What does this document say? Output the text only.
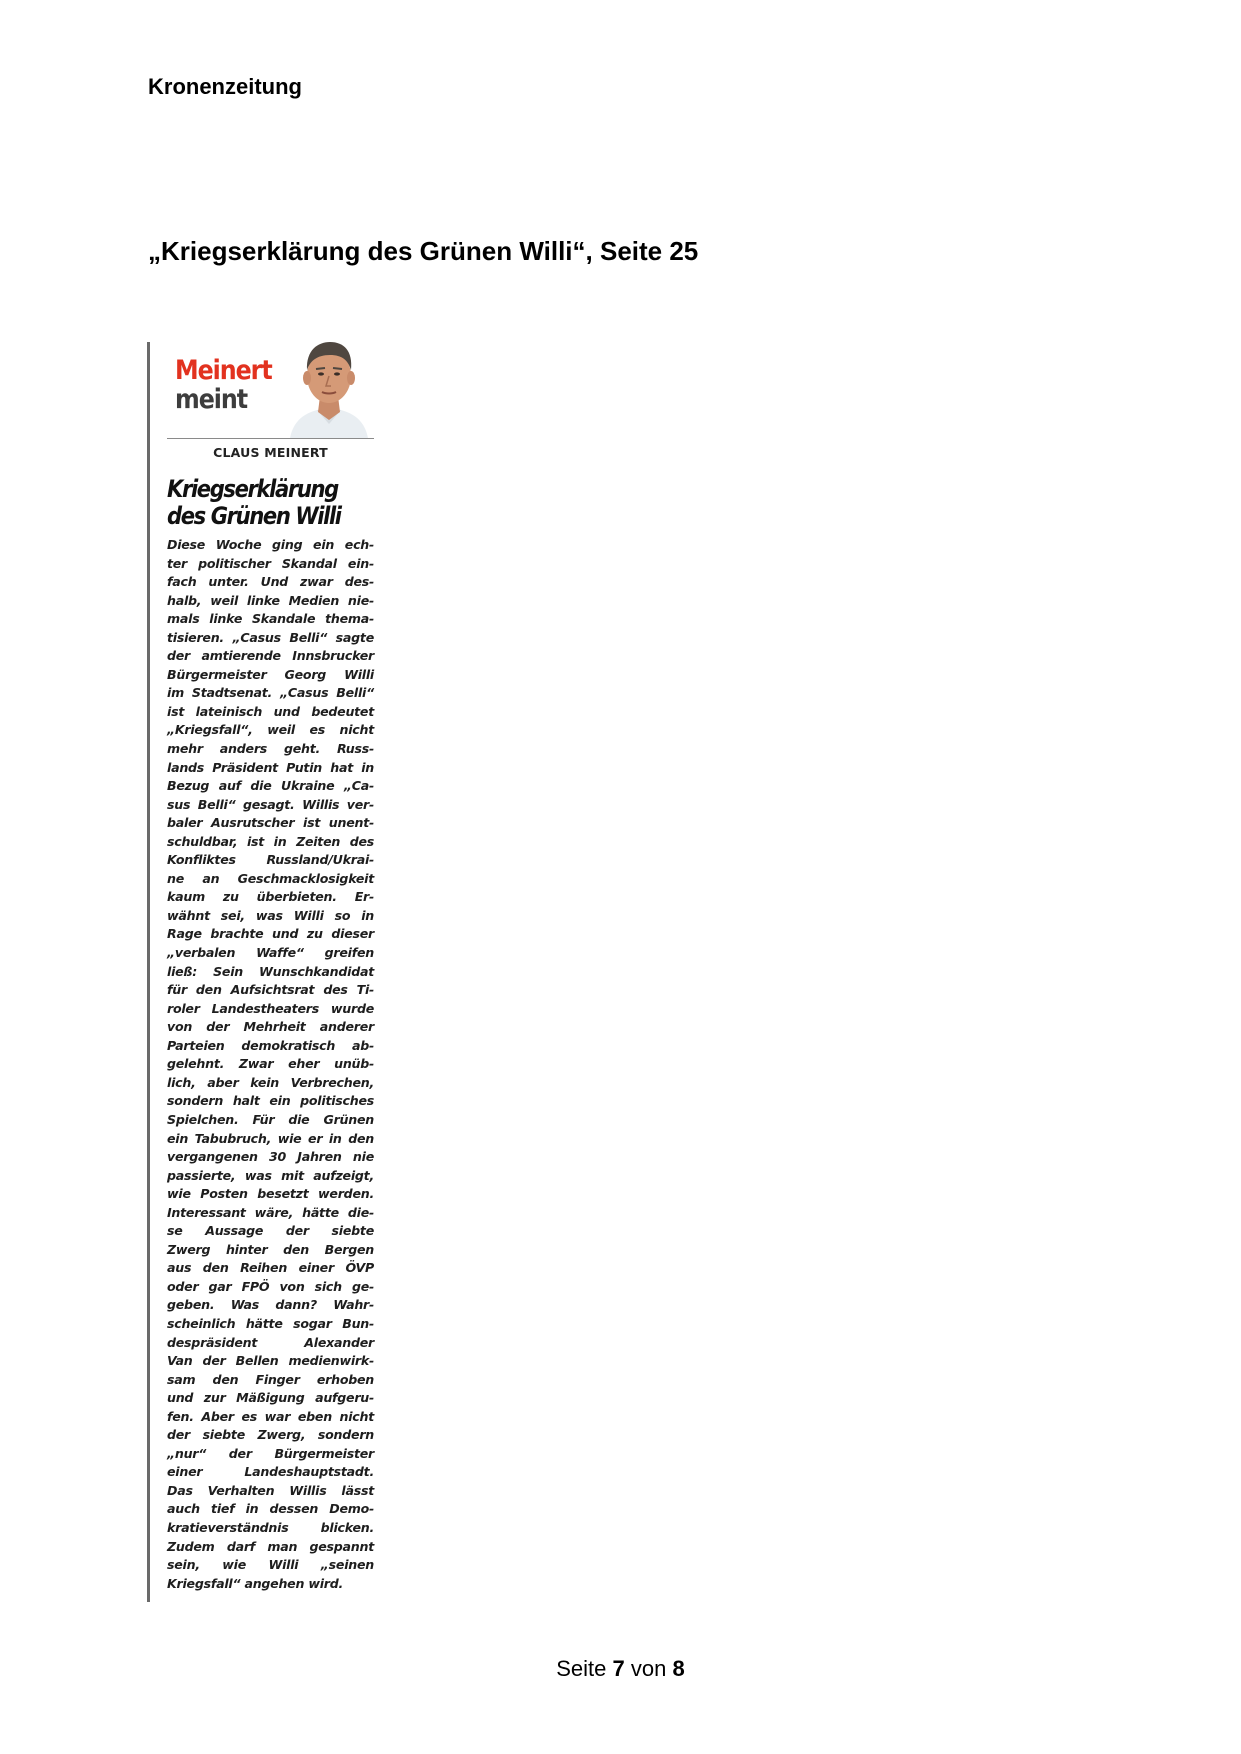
Kronenzeitung
„Kriegserklärung des Grünen Willi“, Seite 25
Meinert
meint
CLAUS MEINERT
Kriegserklärung
des Grünen Willi
Diese Woche ging ein ech-
ter politischer Skandal ein-
fach unter. Und zwar des-
halb, weil linke Medien nie-
mals linke Skandale thema-
tisieren. „Casus Belli“ sagte
der amtierende Innsbrucker
Bürgermeister Georg Willi
im Stadtsenat. „Casus Belli“
ist lateinisch und bedeutet
„Kriegsfall“, weil es nicht
mehr anders geht. Russ-
lands Präsident Putin hat in
Bezug auf die Ukraine „Ca-
sus Belli“ gesagt. Willis ver-
baler Ausrutscher ist unent-
schuldbar, ist in Zeiten des
Konfliktes Russland/Ukrai-
ne an Geschmacklosigkeit
kaum zu überbieten. Er-
wähnt sei, was Willi so in
Rage brachte und zu dieser
„verbalen Waffe“ greifen
ließ: Sein Wunschkandidat
für den Aufsichtsrat des Ti-
roler Landestheaters wurde
von der Mehrheit anderer
Parteien demokratisch ab-
gelehnt. Zwar eher unüb-
lich, aber kein Verbrechen,
sondern halt ein politisches
Spielchen. Für die Grünen
ein Tabubruch, wie er in den
vergangenen 30 Jahren nie
passierte, was mit aufzeigt,
wie Posten besetzt werden.
Interessant wäre, hätte die-
se Aussage der siebte
Zwerg hinter den Bergen
aus den Reihen einer ÖVP
oder gar FPÖ von sich ge-
geben. Was dann? Wahr-
scheinlich hätte sogar Bun-
despräsident Alexander
Van der Bellen medienwirk-
sam den Finger erhoben
und zur Mäßigung aufgeru-
fen. Aber es war eben nicht
der siebte Zwerg, sondern
„nur“ der Bürgermeister
einer Landeshauptstadt.
Das Verhalten Willis lässt
auch tief in dessen Demo-
kratieverständnis blicken.
Zudem darf man gespannt
sein, wie Willi „seinen
Kriegsfall“ angehen wird.
Seite 7 von 8
